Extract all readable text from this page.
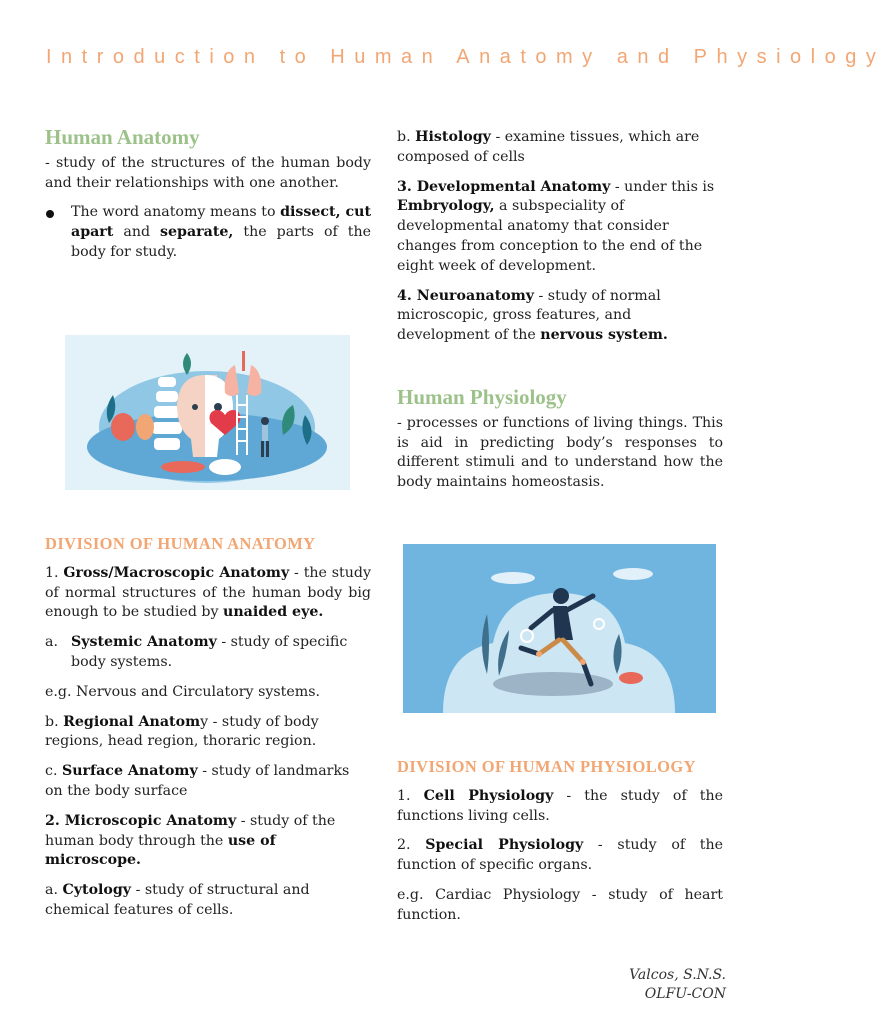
Introduction to Human Anatomy and Physiology
Human Anatomy

- study of the structures of the human body and their relationships with one another.

The word anatomy means to dissect, cut apart and separate, the parts of the body for study.

DIVISION OF HUMAN ANATOMY

1. Gross/Macroscopic Anatomy - the study of normal structures of the human body big enough to be studied by unaided eye.

a. Systemic Anatomy - study of specific body systems.

e.g. Nervous and Circulatory systems.

b. Regional Anatomy - study of body regions, head region, thoraric region.

c. Surface Anatomy - study of landmarks on the body surface

2. Microscopic Anatomy - study of the human body through the use of microscope.

a. Cytology - study of structural and chemical features of cells.

b. Histology - examine tissues, which are composed of cells

3. Developmental Anatomy - under this is Embryology, a subspeciality of developmental anatomy that consider changes from conception to the end of the eight week of development.

4. Neuroanatomy - study of normal microscopic, gross features, and development of the nervous system.

Human Physiology

- processes or functions of living things. This is aid in predicting body’s responses to different stimuli and to understand how the body maintains homeostasis.

DIVISION OF HUMAN PHYSIOLOGY

1. Cell Physiology - the study of the functions living cells.

2. Special Physiology - study of the function of specific organs.

e.g. Cardiac Physiology - study of heart function.

Valcos, S.N.S.
OLFU-CON
